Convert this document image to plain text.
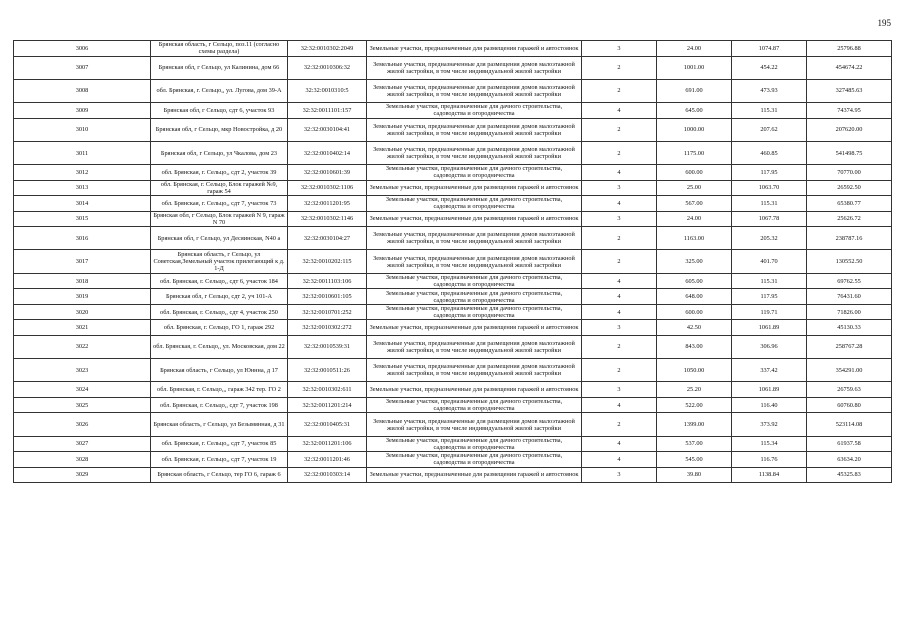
195
3006	Брянская область, г Сельцо, поз.11 (согласно схемы раздела)	32:32:0010302:2049	Земельные участки, предназначенные для размещения гаражей и автостоянок	3	24.00	1074.87	25796.88
3007	Брянская обл, г Сельцо, ул Калинина, дом 66	32:32:0010306:32	Земельные участки, предназначенные для размещения домов малоэтажной жилой застройки, в том числе индивидуальной жилой застройки	2	1001.00	454.22	454674.22
3008	обл. Брянская, г. Сельцо,, ул. Лугова, дом 39-А	32:32:0010310:5	Земельные участки, предназначенные для размещения домов малоэтажной жилой застройки, в том числе индивидуальной жилой застройки	2	691.00	473.93	327485.63
3009	Брянская обл, г Сельцо, сдт 6, участок 93	32:32:0011101:157	Земельные участки, предназначенные для дачного строительства, садоводства и огородничества	4	645.00	115.31	74374.95
3010	Брянская обл, г Сельцо, мкр Новостройка, д 20	32:32:0030104:41	Земельные участки, предназначенные для размещения домов малоэтажной жилой застройки, в том числе индивидуальной жилой застройки	2	1000.00	207.62	207620.00
3011	Брянская обл, г Сельцо, ул Чкалова, дом 23	32:32:0010402:14	Земельные участки, предназначенные для размещения домов малоэтажной жилой застройки, в том числе индивидуальной жилой застройки	2	1175.00	460.85	541498.75
3012	обл. Брянская, г. Сельцо,, сдт 2, участок 39	32:32:0010601:39	Земельные участки, предназначенные для дачного строительства, садоводства и огородничества	4	600.00	117.95	70770.00
3013	обл. Брянская, г. Сельцо, Блок гаражей №9, гараж 54	32:32:0010302:1106	Земельные участки, предназначенные для размещения гаражей и автостоянок	3	25.00	1063.70	26592.50
3014	обл. Брянская, г. Сельцо,, сдт 7, участок 73	32:32:0011201:95	Земельные участки, предназначенные для дачного строительства, садоводства и огородничества	4	567.00	115.31	65380.77
3015	Брянская обл, г Сельцо, Блок гаражей N 9, гараж N 70	32:32:0010302:1146	Земельные участки, предназначенные для размещения гаражей и автостоянок	3	24.00	1067.78	25626.72
3016	Брянская обл, г Сельцо, ул Десяинская, N40 а	32:32:0030104:27	Земельные участки, предназначенные для размещения домов малоэтажной жилой застройки, в том числе индивидуальной жилой застройки	2	1163.00	205.32	238787.16
3017	Брянская область, г Сельцо, ул Советская,Земельный участок прилегающий к д. 1-Д	32:32:0010202:115	Земельные участки, предназначенные для размещения домов малоэтажной жилой застройки, в том числе индивидуальной жилой застройки	2	325.00	401.70	130552.50
3018	обл. Брянская, г. Сельцо,, сдт 6, участок 184	32:32:0011103:106	Земельные участки, предназначенные для дачного строительства, садоводства и огородничества	4	605.00	115.31	69762.55
3019	Брянская обл, г Сельцо, сдт 2, уч 101-А	32:32:0010601:105	Земельные участки, предназначенные для дачного строительства, садоводства и огородничества	4	648.00	117.95	76431.60
3020	обл. Брянская, г. Сельцо,, сдт 4, участок 250	32:32:0010701:252	Земельные участки, предназначенные для дачного строительства, садоводства и огородничества	4	600.00	119.71	71826.00
3021	обл. Брянская, г. Сельцо, ГО 1, гараж 292	32:32:0010302:272	Земельные участки, предназначенные для размещения гаражей и автостоянок	3	42.50	1061.89	45130.33
3022	обл. Брянская, г. Сельцо,, ул. Московская, дом 22	32:32:0010539:31	Земельные участки, предназначенные для размещения домов малоэтажной жилой застройки, в том числе индивидуальной жилой застройки	2	843.00	306.96	258767.28
3023	Брянская область, г Сельцо, ул Юннна, д 17	32:32:0010511:26	Земельные участки, предназначенные для размещения домов малоэтажной жилой застройки, в том числе индивидуальной жилой застройки	2	1050.00	337.42	354291.00
3024	обл. Брянская, г. Сельцо,,, гараж 342 тер. ГО 2	32:32:0010302:611	Земельные участки, предназначенные для размещения гаражей и автостоянок	3	25.20	1061.89	26759.63
3025	обл. Брянская, г. Сельцо,, сдт 7, участок 198	32:32:0011201:214	Земельные участки, предназначенные для дачного строительства, садоводства и огородничества	4	522.00	116.40	60760.80
3026	Брянская область, г Сельцо, ул Безымянная, д 31	32:32:0010405:31	Земельные участки, предназначенные для размещения домов малоэтажной жилой застройки, в том числе индивидуальной жилой застройки	2	1399.00	373.92	523114.08
3027	обл. Брянская, г. Сельцо,, сдт 7, участок 85	32:32:0011201:106	Земельные участки, предназначенные для дачного строительства, садоводства и огородничества	4	537.00	115.34	61937.58
3028	обл. Брянская, г. Сельцо,, сдт 7, участок 19	32:32:0011201:46	Земельные участки, предназначенные для дачного строительства, садоводства и огородничества	4	545.00	116.76	63634.20
3029	Брянская область, г Сельцо, тер ГО 6, гараж 6	32:32:0010303:14	Земельные участки, предназначенные для размещения гаражей и автостоянок	3	39.80	1138.84	45325.83
